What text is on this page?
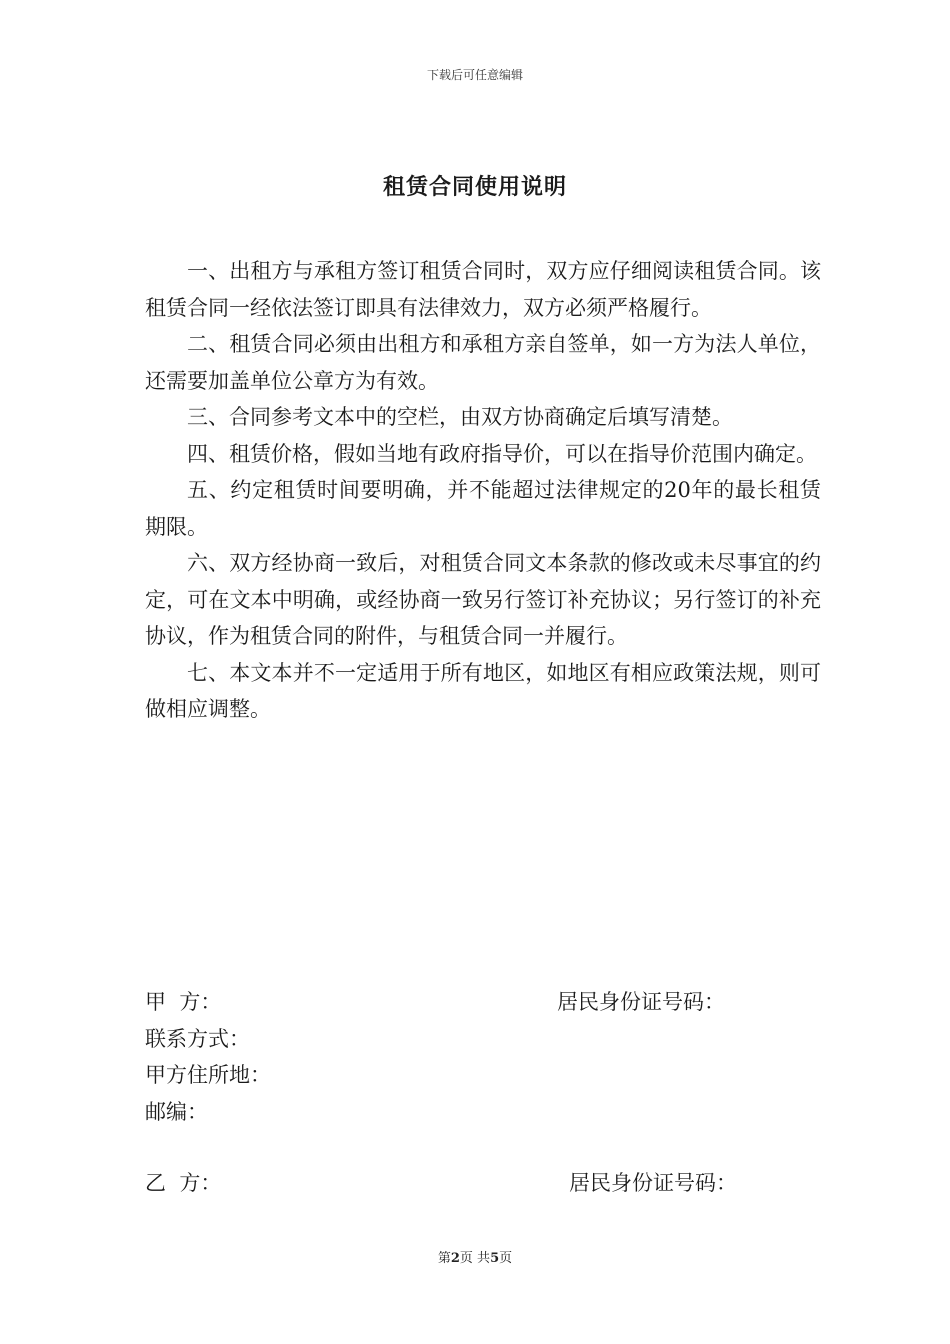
下载后可任意编辑
租赁合同使用说明

一、出租方与承租方签订租赁合同时，双方应仔细阅读租赁合同。该租赁合同一经依法签订即具有法律效力，双方必须严格履行。

二、租赁合同必须由出租方和承租方亲自签单，如一方为法人单位，还需要加盖单位公章方为有效。

三、合同参考文本中的空栏，由双方协商确定后填写清楚。

四、租赁价格，假如当地有政府指导价，可以在指导价范围内确定。

五、约定租赁时间要明确，并不能超过法律规定的20年的最长租赁期限。

六、双方经协商一致后，对租赁合同文本条款的修改或未尽事宜的约定，可在文本中明确，或经协商一致另行签订补充协议；另行签订的补充协议，作为租赁合同的附件，与租赁合同一并履行。

七、本文本并不一定适用于所有地区，如地区有相应政策法规，则可做相应调整。

甲  方：	居民身份证号码：
联系方式：
甲方住所地：
邮编：
乙  方：	居民身份证号码：
第2页 共5页
